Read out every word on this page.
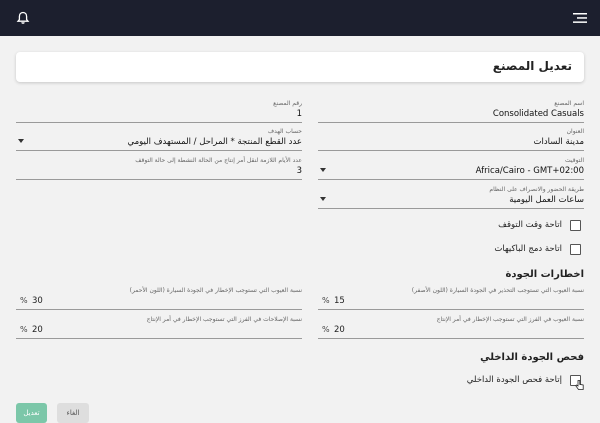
تعديل المصنع
اسم المصنع
Consolidated Casuals
العنوان
مدينة السادات
التوقيت
Africa/Cairo - GMT+02:00
طريقة الحضور والانصراف على النظام
ساعات العمل اليومية
رقم المصنع
1
حساب الهدف
عدد القطع المنتجة * المراحل / المستهدف اليومي
عدد الأيام اللازمة لنقل أمر إنتاج من الحالة النشطة إلى حالة التوقف
3
اتاحة وقت التوقف
اتاحة دمج الباكيهات
اخطارات الجودة
نسبة العيوب التي تستوجب التحذير في الجودة السيارة (اللون الأصفر)
15
%
نسبة العيوب التي تستوجب الإخطار في الجودة السيارة (اللون الأحمر)
30
%
نسبة العيوب في الفرز التي تستوجب الإخطار في أمر الإنتاج
20
%
نسبة الإصلاحات في الفرز التي تستوجب الإخطار في أمر الإنتاج
20
%
فحص الجودة الداخلي
إتاحة فحص الجودة الداخلي
تعديل	الغاء
